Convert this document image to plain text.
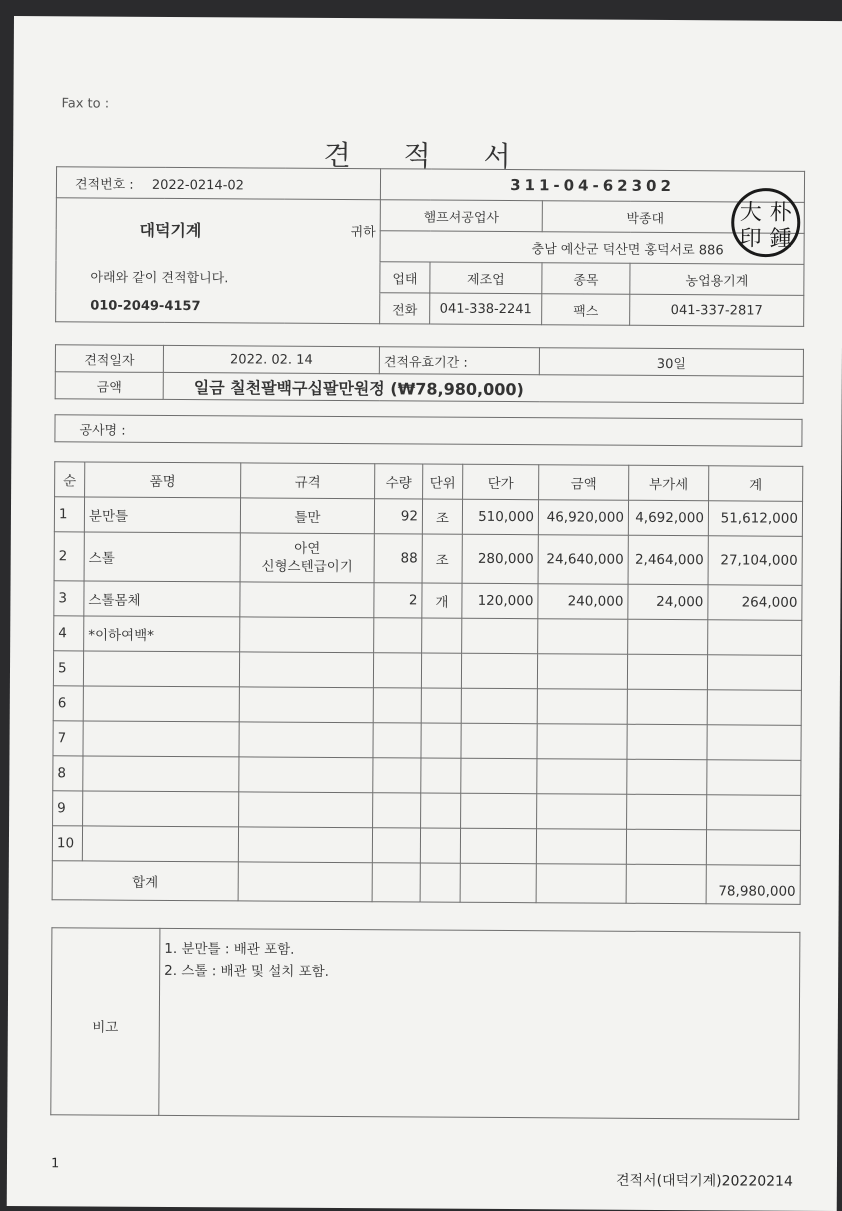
Fax to :
견 적 서
견적번호 : 2022-0214-02		311-04-62302			
대덕기계	귀하	햄프셔공업사		박종대	
		충남 예산군 덕산면 홍덕서로 886			
아래와 같이 견적합니다.		업태	제조업	종목	농업용기계
010-2049-4157		전화	041-338-2241	팩스	041-337-2817
大 朴
印 鍾
견적일자	2022. 02. 14	견적유효기간 :	30일
금액	일금 칠천팔백구십팔만원정 (₩78,980,000)		
공사명 :
순	품명	규격	수량	단위	단가	금액	부가세	계
1	분만틀	틀만	92	조	510,000	46,920,000	4,692,000	51,612,000
2	스톨	아연
신형스텐급이기	88	조	280,000	24,640,000	2,464,000	27,104,000
3	스톨몸체		2	개	120,000	240,000	24,000	264,000
4	*이하여백*							
5								
6								
7								
8								
9								
10								
합계								78,980,000
비고	
1. 분만틀 : 배관 포함.
2. 스톨 : 배관 및 설치 포함.
1
견적서(대덕기계)20220214
